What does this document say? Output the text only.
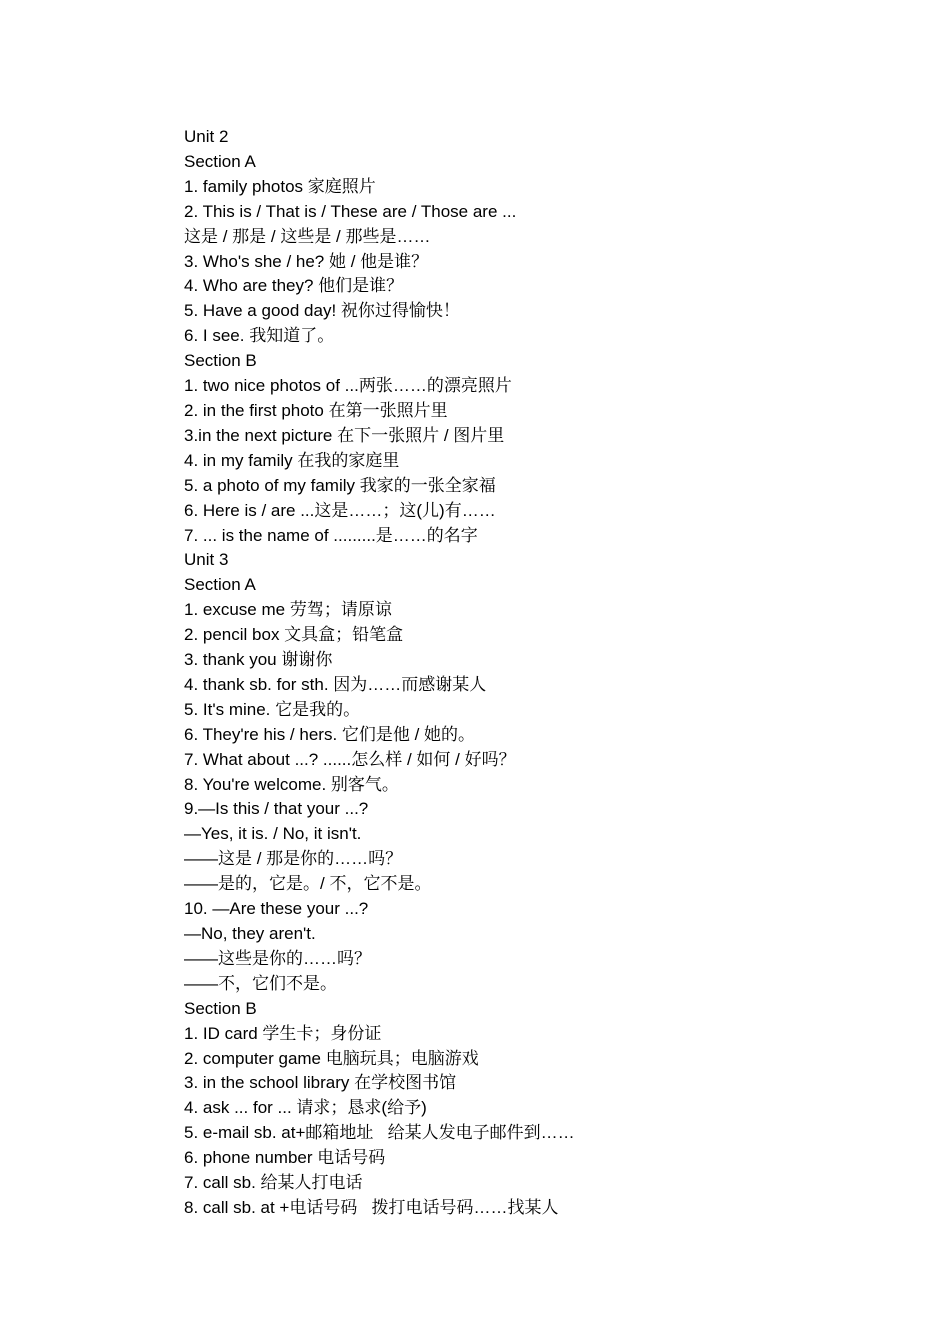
Unit 2
Section A
1. family photos 家庭照片
2. This is / That is / These are / Those are ...
这是 / 那是 / 这些是 / 那些是……
3. Who's she / he? 她 / 他是谁？
4. Who are they? 他们是谁？
5. Have a good day! 祝你过得愉快！
6. I see. 我知道了。
Section B
1. two nice photos of ...两张……的漂亮照片
2. in the first photo 在第一张照片里
3.in the next picture 在下一张照片 / 图片里
4. in my family 在我的家庭里
5. a photo of my family 我家的一张全家福
6. Here is / are ...这是……；这(儿)有……
7. ... is the name of .........是……的名字
Unit 3
Section A
1. excuse me 劳驾；请原谅
2. pencil box 文具盒；铅笔盒
3. thank you 谢谢你
4. thank sb. for sth. 因为……而感谢某人
5. It's mine. 它是我的。
6. They're his / hers. 它们是他 / 她的。
7. What about ...? ......怎么样 / 如何 / 好吗？
8. You're welcome. 别客气。
9.—Is this / that your ...?
—Yes, it is. / No, it isn't.
——这是 / 那是你的……吗？
——是的，它是。/ 不，它不是。
10. —Are these your ...?
—No, they aren't.
——这些是你的……吗？
——不，它们不是。
Section B
1. ID card 学生卡；身份证
2. computer game 电脑玩具；电脑游戏
3. in the school library 在学校图书馆
4. ask ... for ... 请求；恳求(给予)
5. e-mail sb. at+邮箱地址   给某人发电子邮件到……
6. phone number 电话号码
7. call sb. 给某人打电话
8. call sb. at +电话号码   拨打电话号码……找某人
